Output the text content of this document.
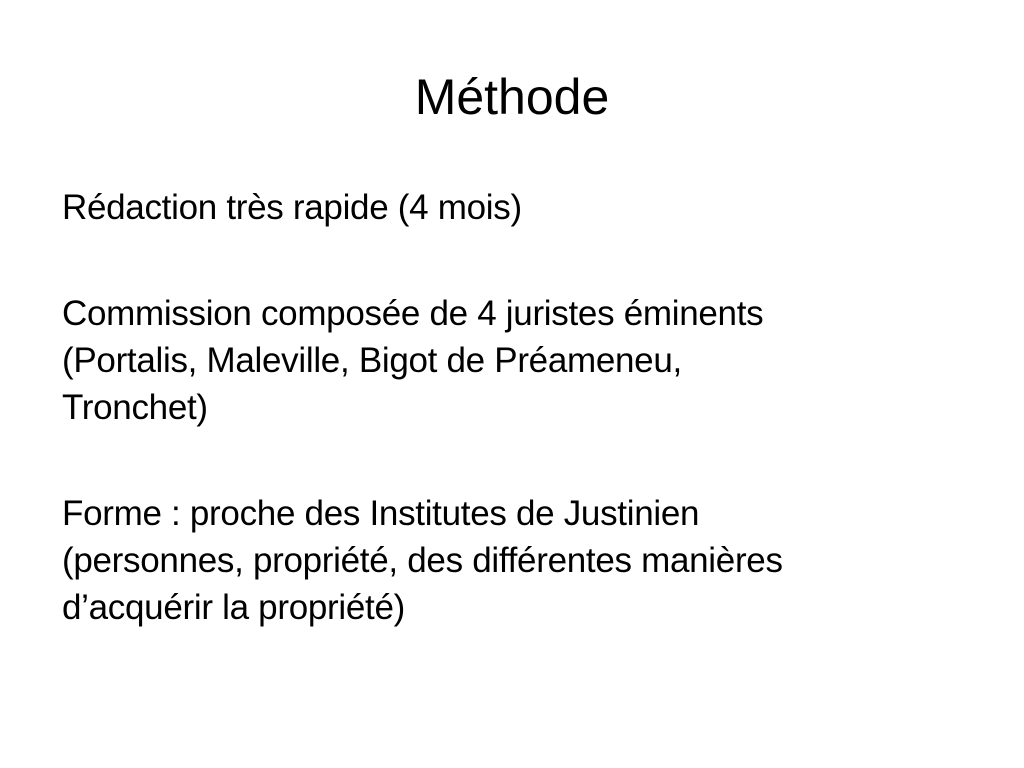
Méthode

Rédaction très rapide (4 mois)

Commission composée de 4 juristes éminents
(Portalis, Maleville, Bigot de Préameneu,
Tronchet)

Forme : proche des Institutes de Justinien
(personnes, propriété, des différentes manières
d’acquérir la propriété)
